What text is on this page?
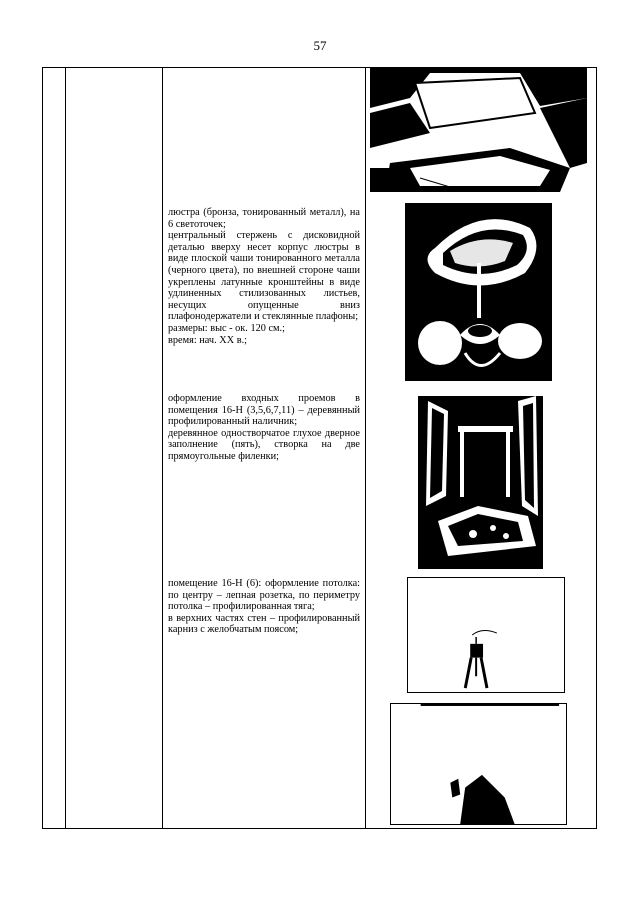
57

люстра (бронза, тонированный металл), на 6 светоточек;

центральный стержень с дисковидной деталью вверху несет корпус люстры в виде плоской чаши тонированного металла (черного цвета), по внешней стороне чаши укреплены латунные кронштейны в виде удлиненных стилизованных листьев, несущих опущенные вниз плафонодержатели и стеклянные плафоны;

размеры: выс - ок. 120 см.;

время: нач. XX в.;

оформление входных проемов в помещения 16-Н (3,5,6,7,11) – деревянный профилированный наличник;

деревянное одностворчатое глухое дверное заполнение (пять), створка на две прямоугольные филенки;

помещение 16-Н (6): оформление потолка: по центру – лепная розетка, по периметру потолка – профилированная тяга;

в верхних частях стен – профилированный карниз с желобчатым поясом;
